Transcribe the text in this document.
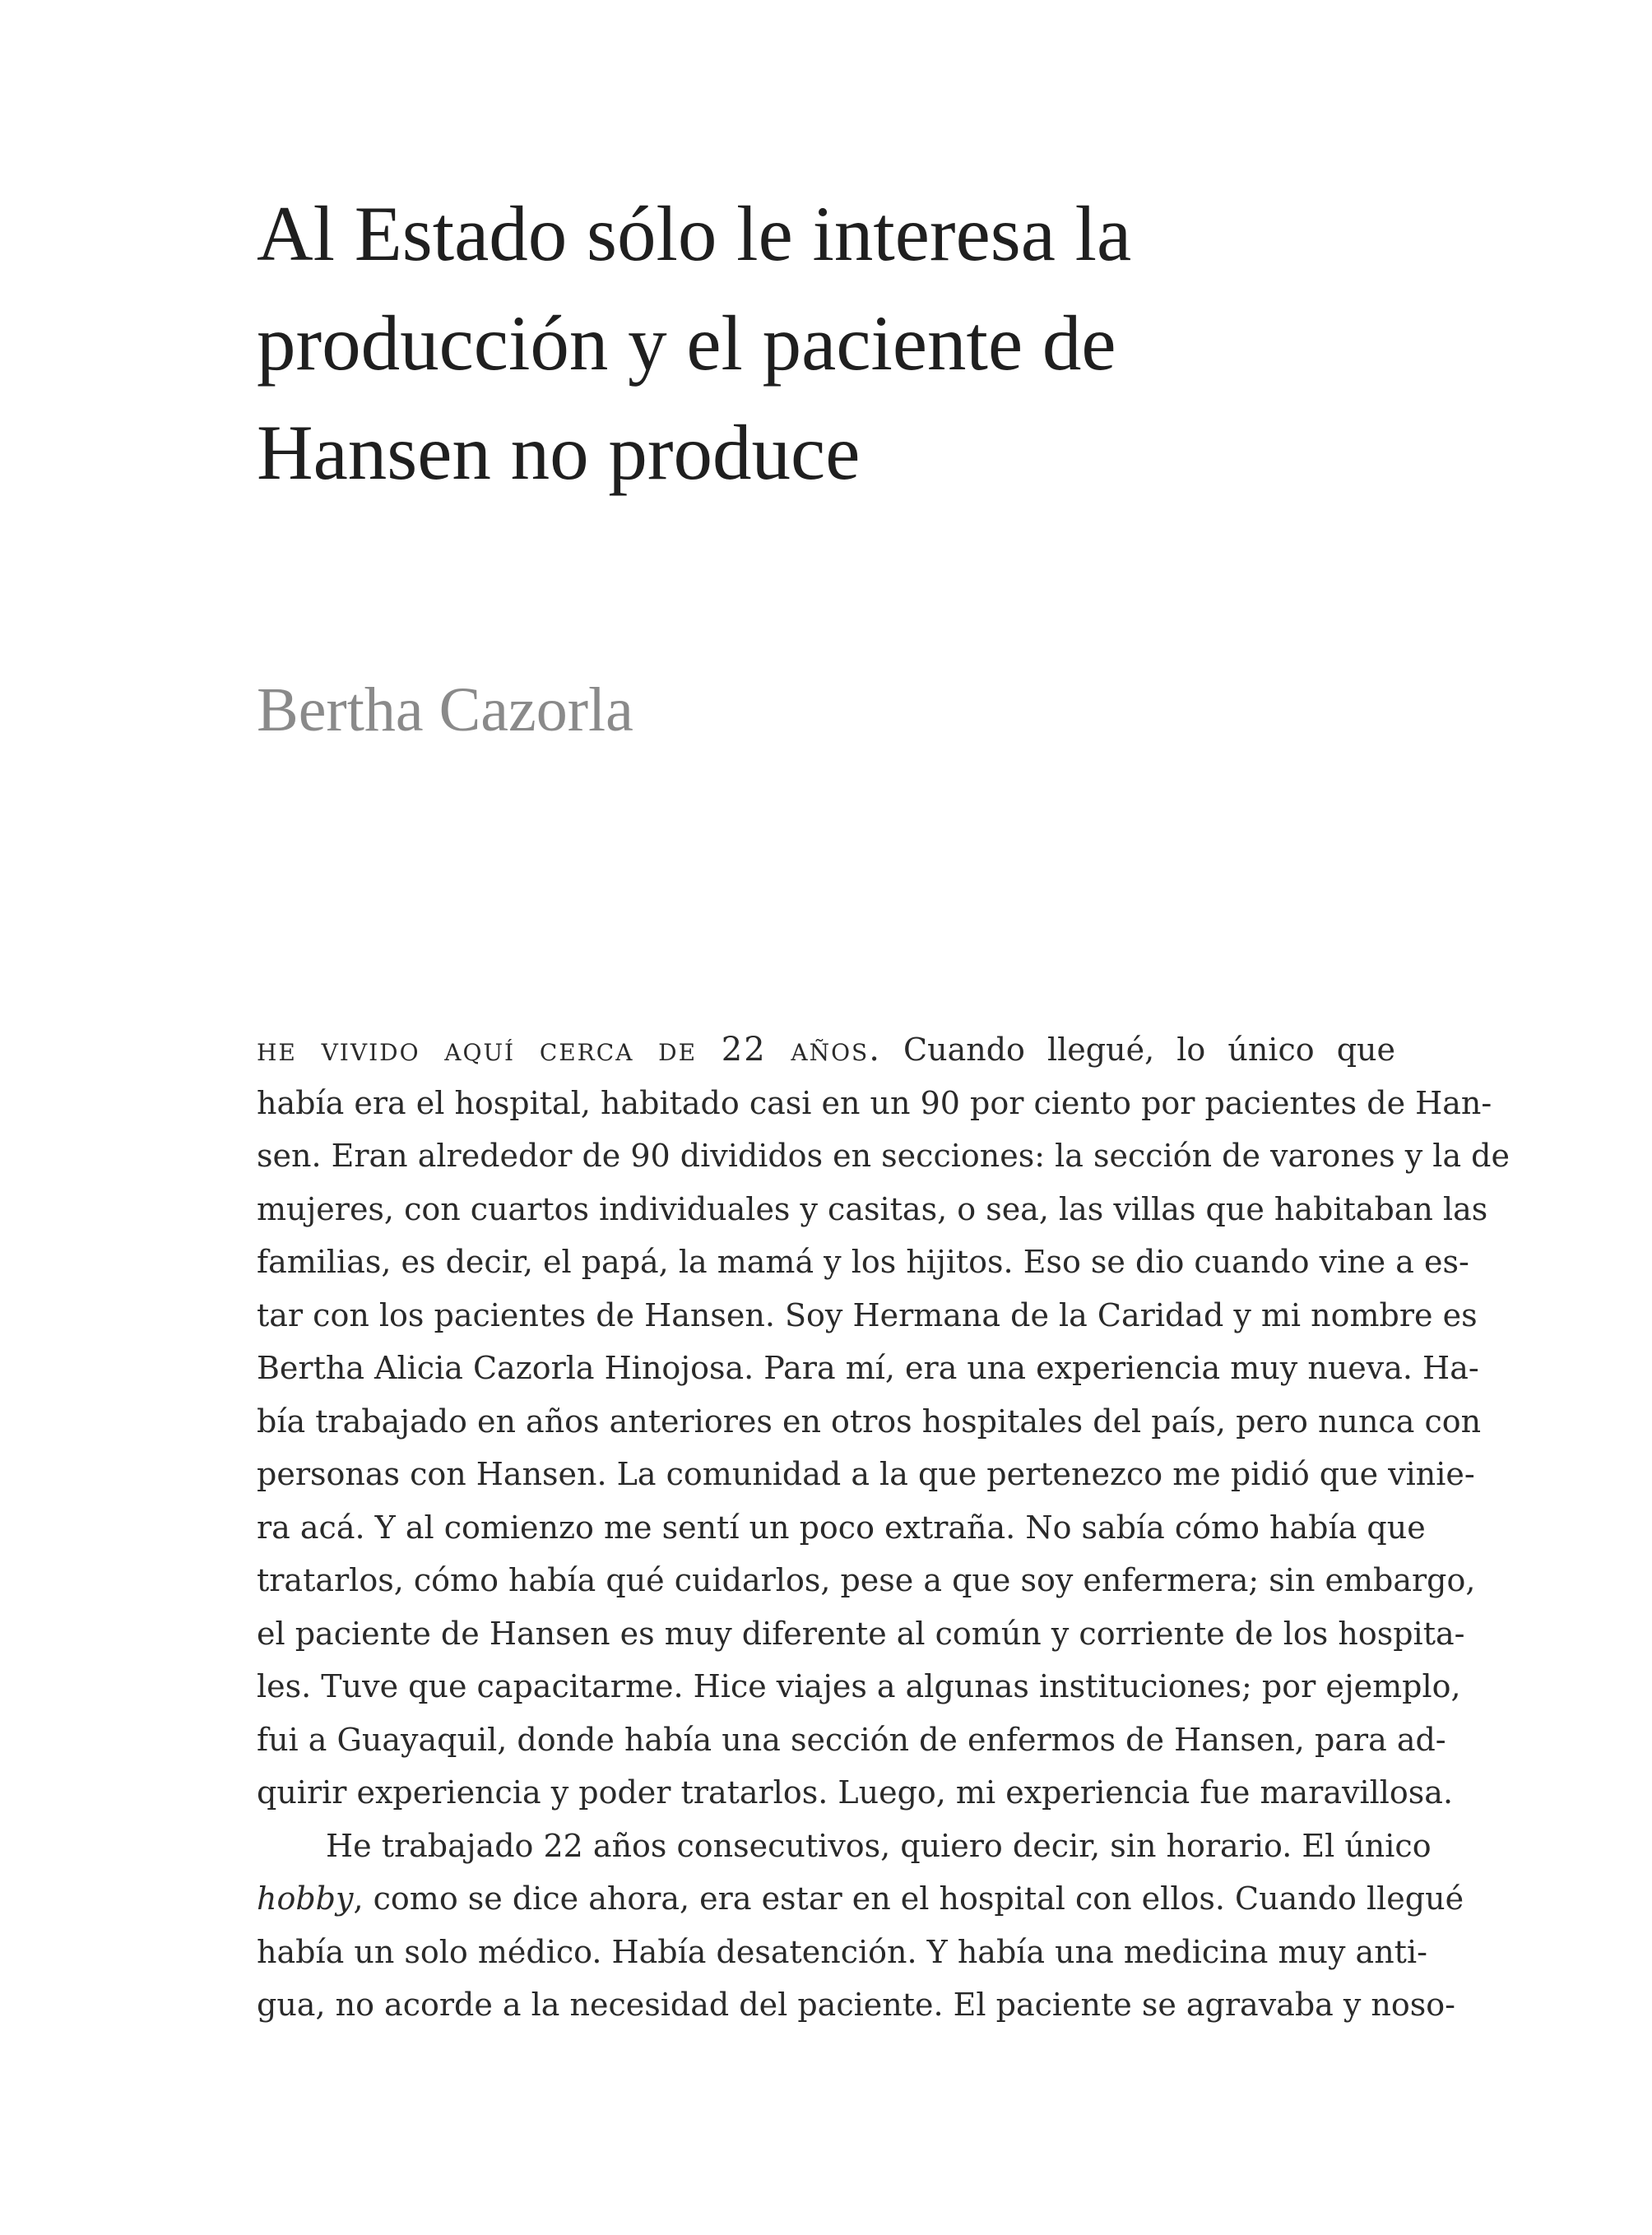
Al Estado sólo le interesa la
producción y el paciente de
Hansen no produce

Bertha Cazorla

he vivido aquí cerca de 22 años. Cuando llegué, lo único que
había era el hospital, habitado casi en un 90 por ciento por pacientes de Han-
sen. Eran alrededor de 90 divididos en secciones: la sección de varones y la de
mujeres, con cuartos individuales y casitas, o sea, las villas que habitaban las
familias, es decir, el papá, la mamá y los hijitos. Eso se dio cuando vine a es-
tar con los pacientes de Hansen. Soy Hermana de la Caridad y mi nombre es
Bertha Alicia Cazorla Hinojosa. Para mí, era una experiencia muy nueva. Ha-
bía trabajado en años anteriores en otros hospitales del país, pero nunca con
personas con Hansen. La comunidad a la que pertenezco me pidió que vinie-
ra acá. Y al comienzo me sentí un poco extraña. No sabía cómo había que
tratarlos, cómo había qué cuidarlos, pese a que soy enfermera; sin embargo,
el paciente de Hansen es muy diferente al común y corriente de los hospita-
les. Tuve que capacitarme. Hice viajes a algunas instituciones; por ejemplo,
fui a Guayaquil, donde había una sección de enfermos de Hansen, para ad-
quirir experiencia y poder tratarlos. Luego, mi experiencia fue maravillosa.
He trabajado 22 años consecutivos, quiero decir, sin horario. El único
hobby, como se dice ahora, era estar en el hospital con ellos. Cuando llegué
había un solo médico. Había desatención. Y había una medicina muy anti-
gua, no acorde a la necesidad del paciente. El paciente se agravaba y noso-
